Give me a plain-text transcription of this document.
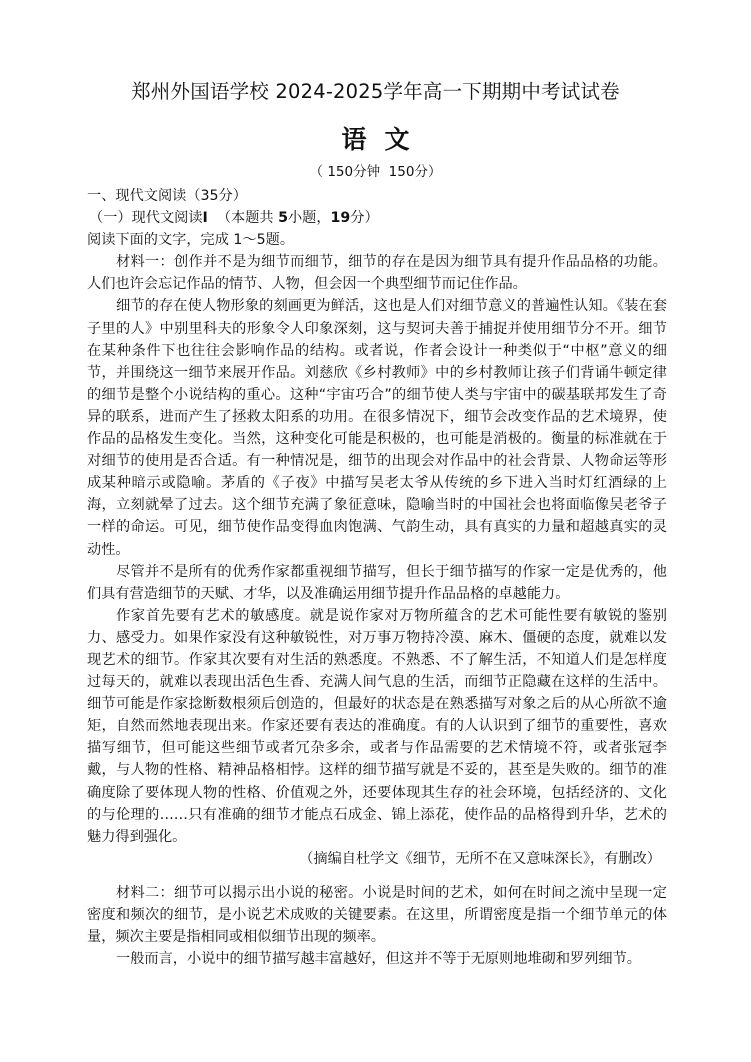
郑州外国语学校 2024-2025学年高一下期期中考试试卷
语文
（ 150分钟  150分）

一、现代文阅读（35分）

（一）现代文阅读Ⅰ （本题共 5小题，19分）

阅读下面的文字，完成 1～5题。

材料一：创作并不是为细节而细节，细节的存在是因为细节具有提升作品品格的功能。人们也许会忘记作品的情节、人物，但会因一个典型细节而记住作品。

细节的存在使人物形象的刻画更为鲜活，这也是人们对细节意义的普遍性认知。《装在套子里的人》中别里科夫的形象令人印象深刻，这与契诃夫善于捕捉并使用细节分不开。细节在某种条件下也往往会影响作品的结构。或者说，作者会设计一种类似于“中枢”意义的细节，并围绕这一细节来展开作品。刘慈欣《乡村教师》中的乡村教师让孩子们背诵牛顿定律的细节是整个小说结构的重心。这种“宇宙巧合”的细节使人类与宇宙中的碳基联邦发生了奇异的联系，进而产生了拯救太阳系的功用。在很多情况下，细节会改变作品的艺术境界，使作品的品格发生变化。当然，这种变化可能是积极的，也可能是消极的。衡量的标准就在于对细节的使用是否合适。有一种情况是，细节的出现会对作品中的社会背景、人物命运等形成某种暗示或隐喻。茅盾的《子夜》中描写吴老太爷从传统的乡下进入当时灯红酒绿的上海，立刻就晕了过去。这个细节充满了象征意味，隐喻当时的中国社会也将面临像吴老爷子一样的命运。可见，细节使作品变得血肉饱满、气韵生动，具有真实的力量和超越真实的灵动性。

尽管并不是所有的优秀作家都重视细节描写，但长于细节描写的作家一定是优秀的，他们具有营造细节的天赋、才华，以及准确运用细节提升作品品格的卓越能力。

作家首先要有艺术的敏感度。就是说作家对万物所蕴含的艺术可能性要有敏锐的鉴别力、感受力。如果作家没有这种敏锐性，对万事万物持冷漠、麻木、僵硬的态度，就难以发现艺术的细节。作家其次要有对生活的熟悉度。不熟悉、不了解生活，不知道人们是怎样度过每天的，就难以表现出活色生香、充满人间气息的生活，而细节正隐藏在这样的生活中。细节可能是作家捻断数根须后创造的，但最好的状态是在熟悉描写对象之后的从心所欲不逾矩，自然而然地表现出来。作家还要有表达的准确度。有的人认识到了细节的重要性，喜欢描写细节，但可能这些细节或者冗杂多余，或者与作品需要的艺术情境不符，或者张冠李戴，与人物的性格、精神品格相悖。这样的细节描写就是不妥的，甚至是失败的。细节的准确度除了要体现人物的性格、价值观之外，还要体现其生存的社会环境，包括经济的、文化的与伦理的……只有准确的细节才能点石成金、锦上添花，使作品的品格得到升华，艺术的魅力得到强化。

（摘编自杜学文《细节，无所不在又意味深长》，有删改）

材料二：细节可以揭示出小说的秘密。小说是时间的艺术，如何在时间之流中呈现一定密度和频次的细节，是小说艺术成败的关键要素。在这里，所谓密度是指一个细节单元的体量，频次主要是指相同或相似细节出现的频率。

一般而言，小说中的细节描写越丰富越好，但这并不等于无原则地堆砌和罗列细节。
